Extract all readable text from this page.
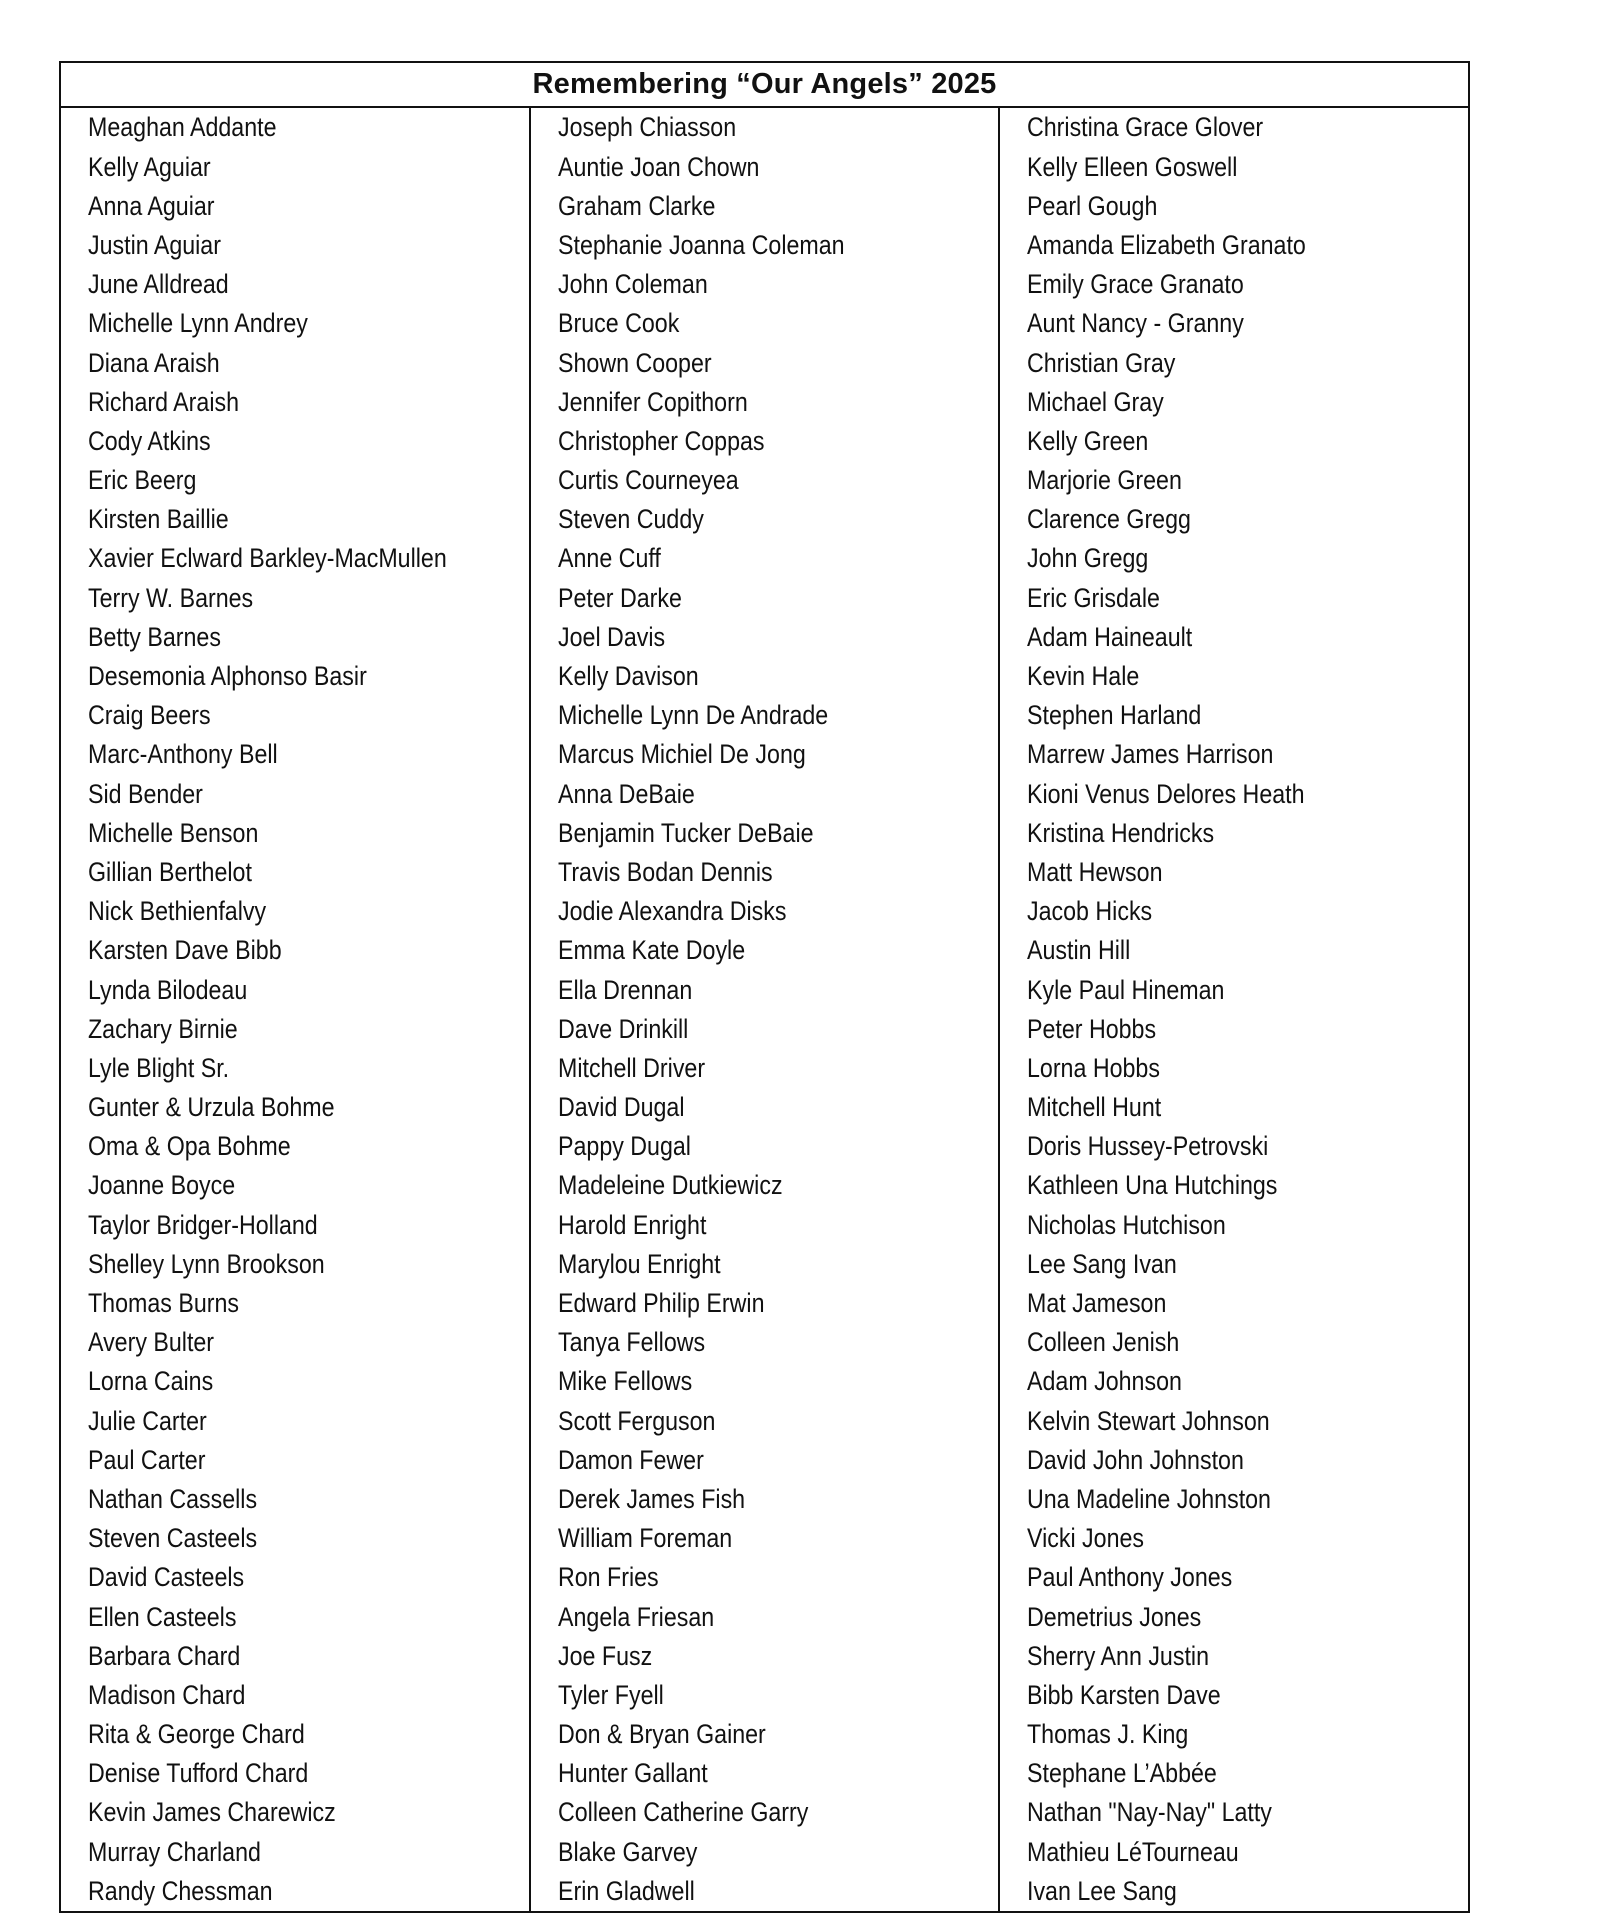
Remembering “Our Angels” 2025
Meaghan Addante
Kelly Aguiar
Anna Aguiar
Justin Aguiar
June Alldread
Michelle Lynn Andrey
Diana Araish
Richard Araish
Cody Atkins
Eric Beerg
Kirsten Baillie
Xavier Eclward Barkley-MacMullen
Terry W. Barnes
Betty Barnes
Desemonia Alphonso Basir
Craig Beers
Marc-Anthony Bell
Sid Bender
Michelle Benson
Gillian Berthelot
Nick Bethienfalvy
Karsten Dave Bibb
Lynda Bilodeau
Zachary Birnie
Lyle Blight Sr.
Gunter & Urzula Bohme
Oma & Opa Bohme
Joanne Boyce
Taylor Bridger-Holland
Shelley Lynn Brookson
Thomas Burns
Avery Bulter
Lorna Cains
Julie Carter
Paul Carter
Nathan Cassells
Steven Casteels
David Casteels
Ellen Casteels
Barbara Chard
Madison Chard
Rita & George Chard
Denise Tufford Chard
Kevin James Charewicz
Murray Charland
Randy Chessman
Joseph Chiasson
Auntie Joan Chown
Graham Clarke
Stephanie Joanna Coleman
John Coleman
Bruce Cook
Shown Cooper
Jennifer Copithorn
Christopher Coppas
Curtis Courneyea
Steven Cuddy
Anne Cuff
Peter Darke
Joel Davis
Kelly Davison
Michelle Lynn De Andrade
Marcus Michiel De Jong
Anna DeBaie
Benjamin Tucker DeBaie
Travis Bodan Dennis
Jodie Alexandra Disks
Emma Kate Doyle
Ella Drennan
Dave Drinkill
Mitchell Driver
David Dugal
Pappy Dugal
Madeleine Dutkiewicz
Harold Enright
Marylou Enright
Edward Philip Erwin
Tanya Fellows
Mike Fellows
Scott Ferguson
Damon Fewer
Derek James Fish
William Foreman
Ron Fries
Angela Friesan
Joe Fusz
Tyler Fyell
Don & Bryan Gainer
Hunter Gallant
Colleen Catherine Garry
Blake Garvey
Erin Gladwell
Christina Grace Glover
Kelly Elleen Goswell
Pearl Gough
Amanda Elizabeth Granato
Emily Grace Granato
Aunt Nancy - Granny
Christian Gray
Michael Gray
Kelly Green
Marjorie Green
Clarence Gregg
John Gregg
Eric Grisdale
Adam Haineault
Kevin Hale
Stephen Harland
Marrew James Harrison
Kioni Venus Delores Heath
Kristina Hendricks
Matt Hewson
Jacob Hicks
Austin Hill
Kyle Paul Hineman
Peter Hobbs
Lorna Hobbs
Mitchell Hunt
Doris Hussey-Petrovski
Kathleen Una Hutchings
Nicholas Hutchison
Lee Sang Ivan
Mat Jameson
Colleen Jenish
Adam Johnson
Kelvin Stewart Johnson
David John Johnston
Una Madeline Johnston
Vicki Jones
Paul Anthony Jones
Demetrius Jones
Sherry Ann Justin
Bibb Karsten Dave
Thomas J. King
Stephane L’Abbée
Nathan "Nay-Nay" Latty
Mathieu LéTourneau
Ivan Lee Sang
